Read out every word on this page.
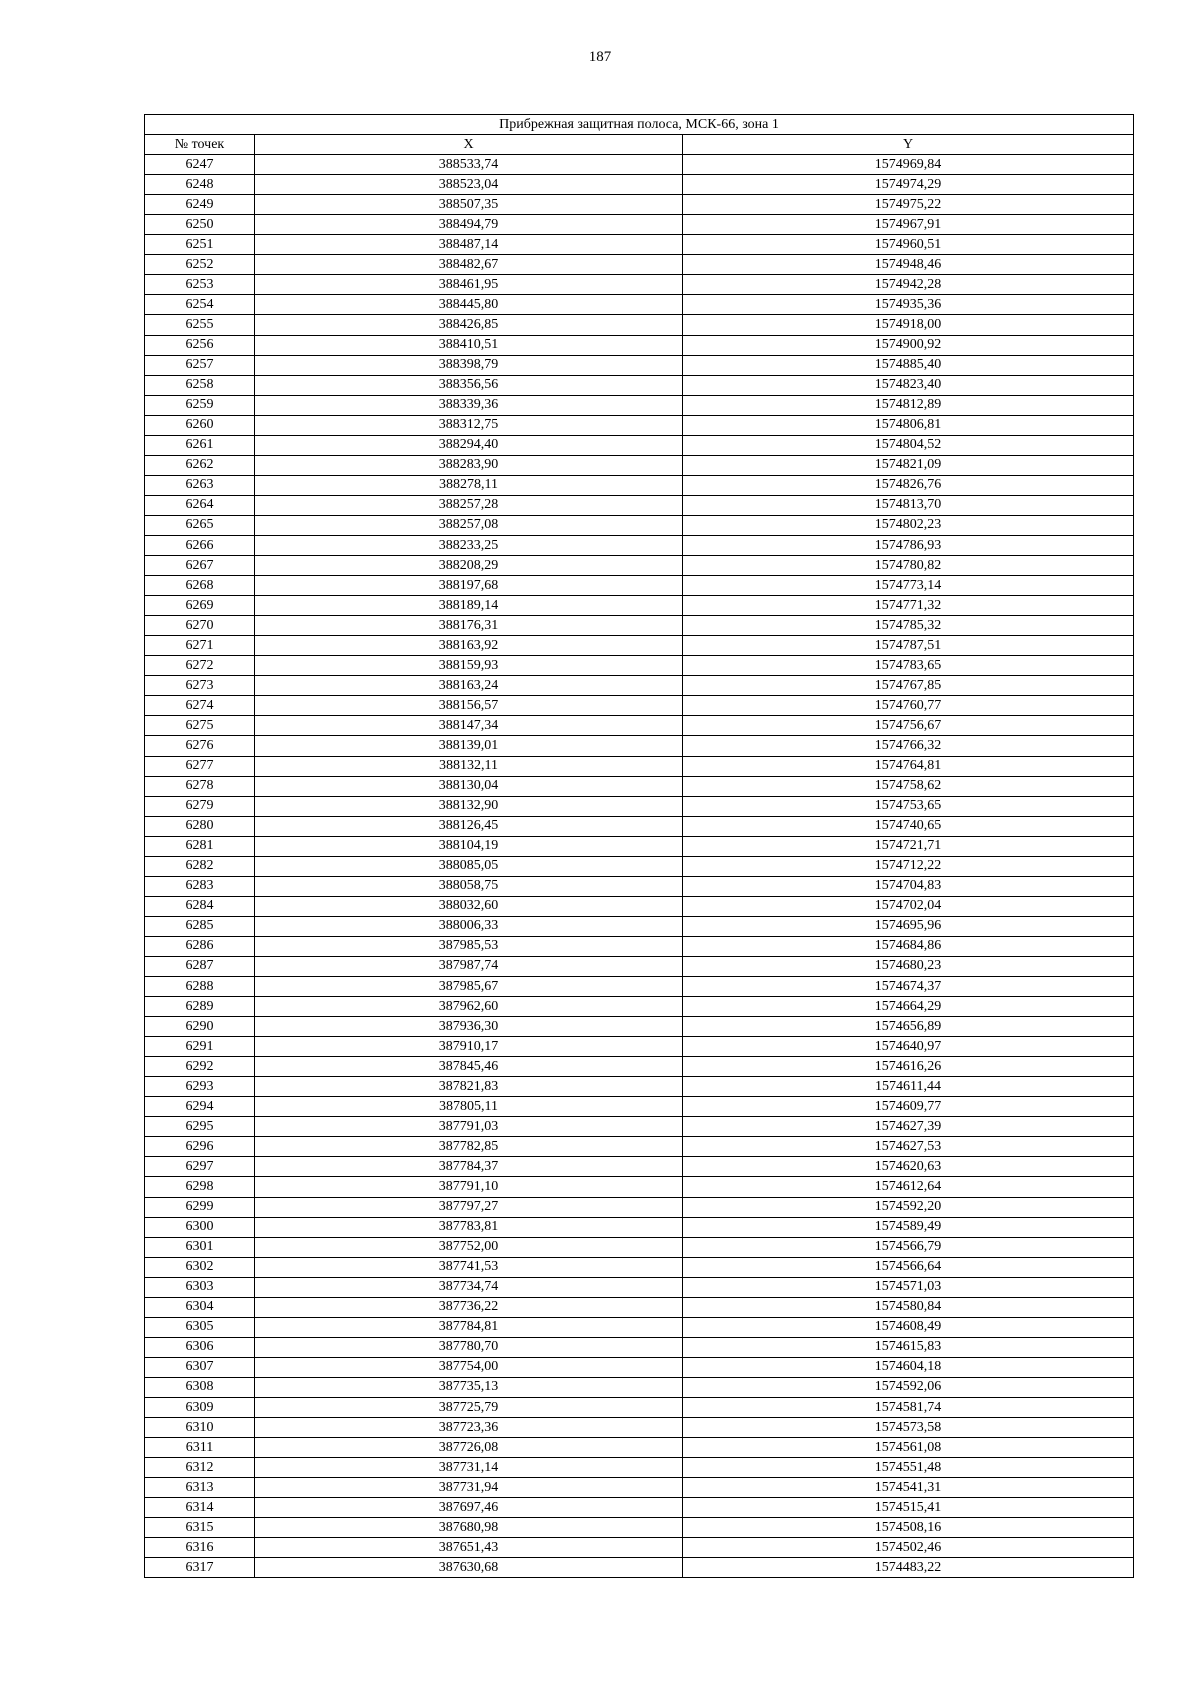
187
Прибрежная защитная полоса, МСК-66, зона 1		
№ точек	X	Y
6247	388533,74	1574969,84
6248	388523,04	1574974,29
6249	388507,35	1574975,22
6250	388494,79	1574967,91
6251	388487,14	1574960,51
6252	388482,67	1574948,46
6253	388461,95	1574942,28
6254	388445,80	1574935,36
6255	388426,85	1574918,00
6256	388410,51	1574900,92
6257	388398,79	1574885,40
6258	388356,56	1574823,40
6259	388339,36	1574812,89
6260	388312,75	1574806,81
6261	388294,40	1574804,52
6262	388283,90	1574821,09
6263	388278,11	1574826,76
6264	388257,28	1574813,70
6265	388257,08	1574802,23
6266	388233,25	1574786,93
6267	388208,29	1574780,82
6268	388197,68	1574773,14
6269	388189,14	1574771,32
6270	388176,31	1574785,32
6271	388163,92	1574787,51
6272	388159,93	1574783,65
6273	388163,24	1574767,85
6274	388156,57	1574760,77
6275	388147,34	1574756,67
6276	388139,01	1574766,32
6277	388132,11	1574764,81
6278	388130,04	1574758,62
6279	388132,90	1574753,65
6280	388126,45	1574740,65
6281	388104,19	1574721,71
6282	388085,05	1574712,22
6283	388058,75	1574704,83
6284	388032,60	1574702,04
6285	388006,33	1574695,96
6286	387985,53	1574684,86
6287	387987,74	1574680,23
6288	387985,67	1574674,37
6289	387962,60	1574664,29
6290	387936,30	1574656,89
6291	387910,17	1574640,97
6292	387845,46	1574616,26
6293	387821,83	1574611,44
6294	387805,11	1574609,77
6295	387791,03	1574627,39
6296	387782,85	1574627,53
6297	387784,37	1574620,63
6298	387791,10	1574612,64
6299	387797,27	1574592,20
6300	387783,81	1574589,49
6301	387752,00	1574566,79
6302	387741,53	1574566,64
6303	387734,74	1574571,03
6304	387736,22	1574580,84
6305	387784,81	1574608,49
6306	387780,70	1574615,83
6307	387754,00	1574604,18
6308	387735,13	1574592,06
6309	387725,79	1574581,74
6310	387723,36	1574573,58
6311	387726,08	1574561,08
6312	387731,14	1574551,48
6313	387731,94	1574541,31
6314	387697,46	1574515,41
6315	387680,98	1574508,16
6316	387651,43	1574502,46
6317	387630,68	1574483,22
